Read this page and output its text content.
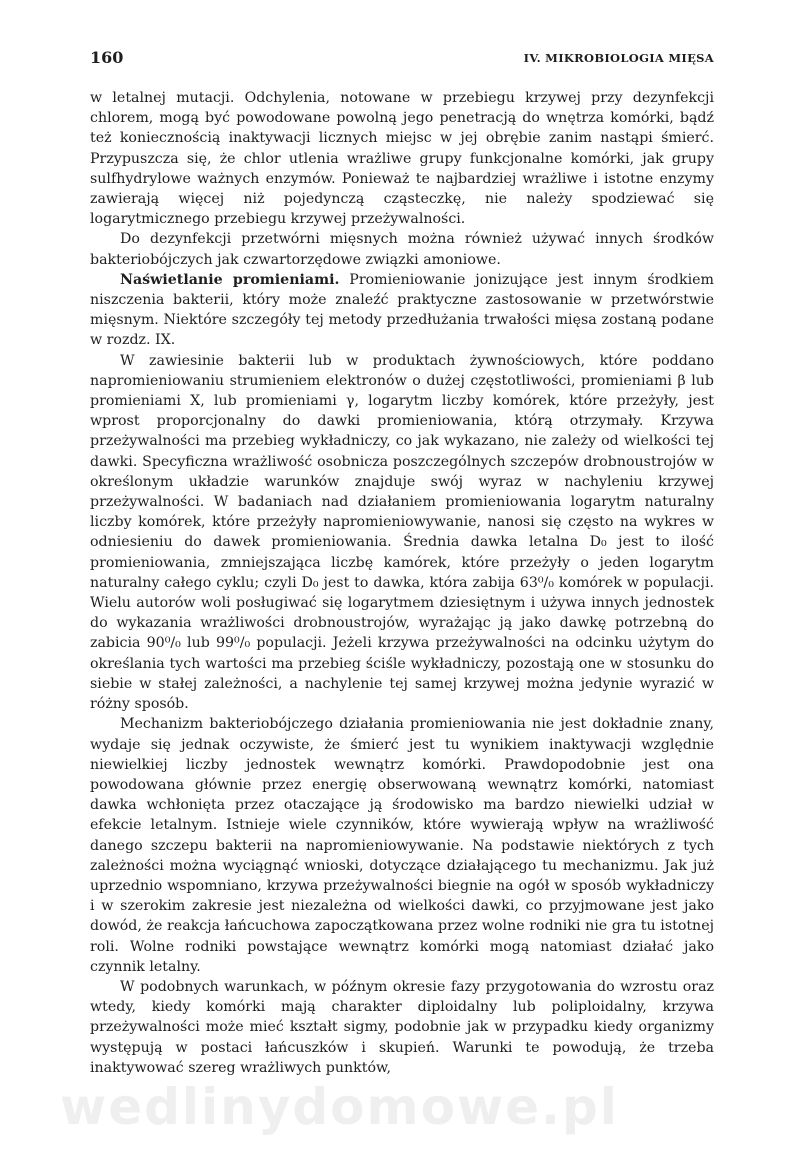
160	IV. MIKROBIOLOGIA MIĘSA

w letalnej mutacji. Odchylenia, notowane w przebiegu krzywej przy dezynfekcji chlorem, mogą być powodowane powolną jego penetracją do wnętrza komórki, bądź też koniecznością inaktywacji licznych miejsc w jej obrębie zanim nastąpi śmierć. Przypuszcza się, że chlor utlenia wrażliwe grupy funkcjonalne komórki, jak grupy sulfhydrylowe ważnych enzymów. Ponieważ te najbardziej wrażliwe i istotne enzymy zawierają więcej niż pojedynczą cząsteczkę, nie należy spodziewać się logarytmicznego przebiegu krzywej przeżywalności.

Do dezynfekcji przetwórni mięsnych można również używać innych środków bakteriobójczych jak czwartorzędowe związki amoniowe.

Naświetlanie promieniami. Promieniowanie jonizujące jest innym środkiem niszczenia bakterii, który może znaleźć praktyczne zastosowanie w przetwórstwie mięsnym. Niektóre szczegóły tej metody przedłużania trwałości mięsa zostaną podane w rozdz. IX.

W zawiesinie bakterii lub w produktach żywnościowych, które poddano napromieniowaniu strumieniem elektronów o dużej częstotliwości, promieniami β lub promieniami X, lub promieniami γ, logarytm liczby komórek, które przeżyły, jest wprost proporcjonalny do dawki promieniowania, którą otrzymały. Krzywa przeżywalności ma przebieg wykładniczy, co jak wykazano, nie zależy od wielkości tej dawki. Specyficzna wrażliwość osobnicza poszczególnych szczepów drobnoustrojów w określonym układzie warunków znajduje swój wyraz w nachyleniu krzywej przeżywalności. W badaniach nad działaniem promieniowania logarytm naturalny liczby komórek, które przeżyły napromieniowywanie, nanosi się często na wykres w odniesieniu do dawek promieniowania. Średnia dawka letalna D₀ jest to ilość promieniowania, zmniejszająca liczbę kamórek, które przeżyły o jeden logarytm naturalny całego cyklu; czyli D₀ jest to dawka, która zabija 63⁰/₀ komórek w populacji. Wielu autorów woli posługiwać się logarytmem dziesiętnym i używa innych jednostek do wykazania wrażliwości drobnoustrojów, wyrażając ją jako dawkę potrzebną do zabicia 90⁰/₀ lub 99⁰/₀ populacji. Jeżeli krzywa przeżywalności na odcinku użytym do określania tych wartości ma przebieg ściśle wykładniczy, pozostają one w stosunku do siebie w stałej zależności, a nachylenie tej samej krzywej można jedynie wyrazić w różny sposób.

Mechanizm bakteriobójczego działania promieniowania nie jest dokładnie znany, wydaje się jednak oczywiste, że śmierć jest tu wynikiem inaktywacji względnie niewielkiej liczby jednostek wewnątrz komórki. Prawdopodobnie jest ona powodowana głównie przez energię obserwowaną wewnątrz komórki, natomiast dawka wchłonięta przez otaczające ją środowisko ma bardzo niewielki udział w efekcie letalnym. Istnieje wiele czynników, które wywierają wpływ na wrażliwość danego szczepu bakterii na napromieniowywanie. Na podstawie niektórych z tych zależności można wyciągnąć wnioski, dotyczące działającego tu mechanizmu. Jak już uprzednio wspomniano, krzywa przeżywalności biegnie na ogół w sposób wykładniczy i w szerokim zakresie jest niezależna od wielkości dawki, co przyjmowane jest jako dowód, że reakcja łańcuchowa zapoczątkowana przez wolne rodniki nie gra tu istotnej roli. Wolne rodniki powstające wewnątrz komórki mogą natomiast działać jako czynnik letalny.

W podobnych warunkach, w późnym okresie fazy przygotowania do wzrostu oraz wtedy, kiedy komórki mają charakter diploidalny lub poliploidalny, krzywa przeżywalności może mieć kształt sigmy, podobnie jak w przypadku kiedy organizmy występują w postaci łańcuszków i skupień. Warunki te powodują, że trzeba inaktywować szereg wrażliwych punktów,

wedlinydomowe.pl
